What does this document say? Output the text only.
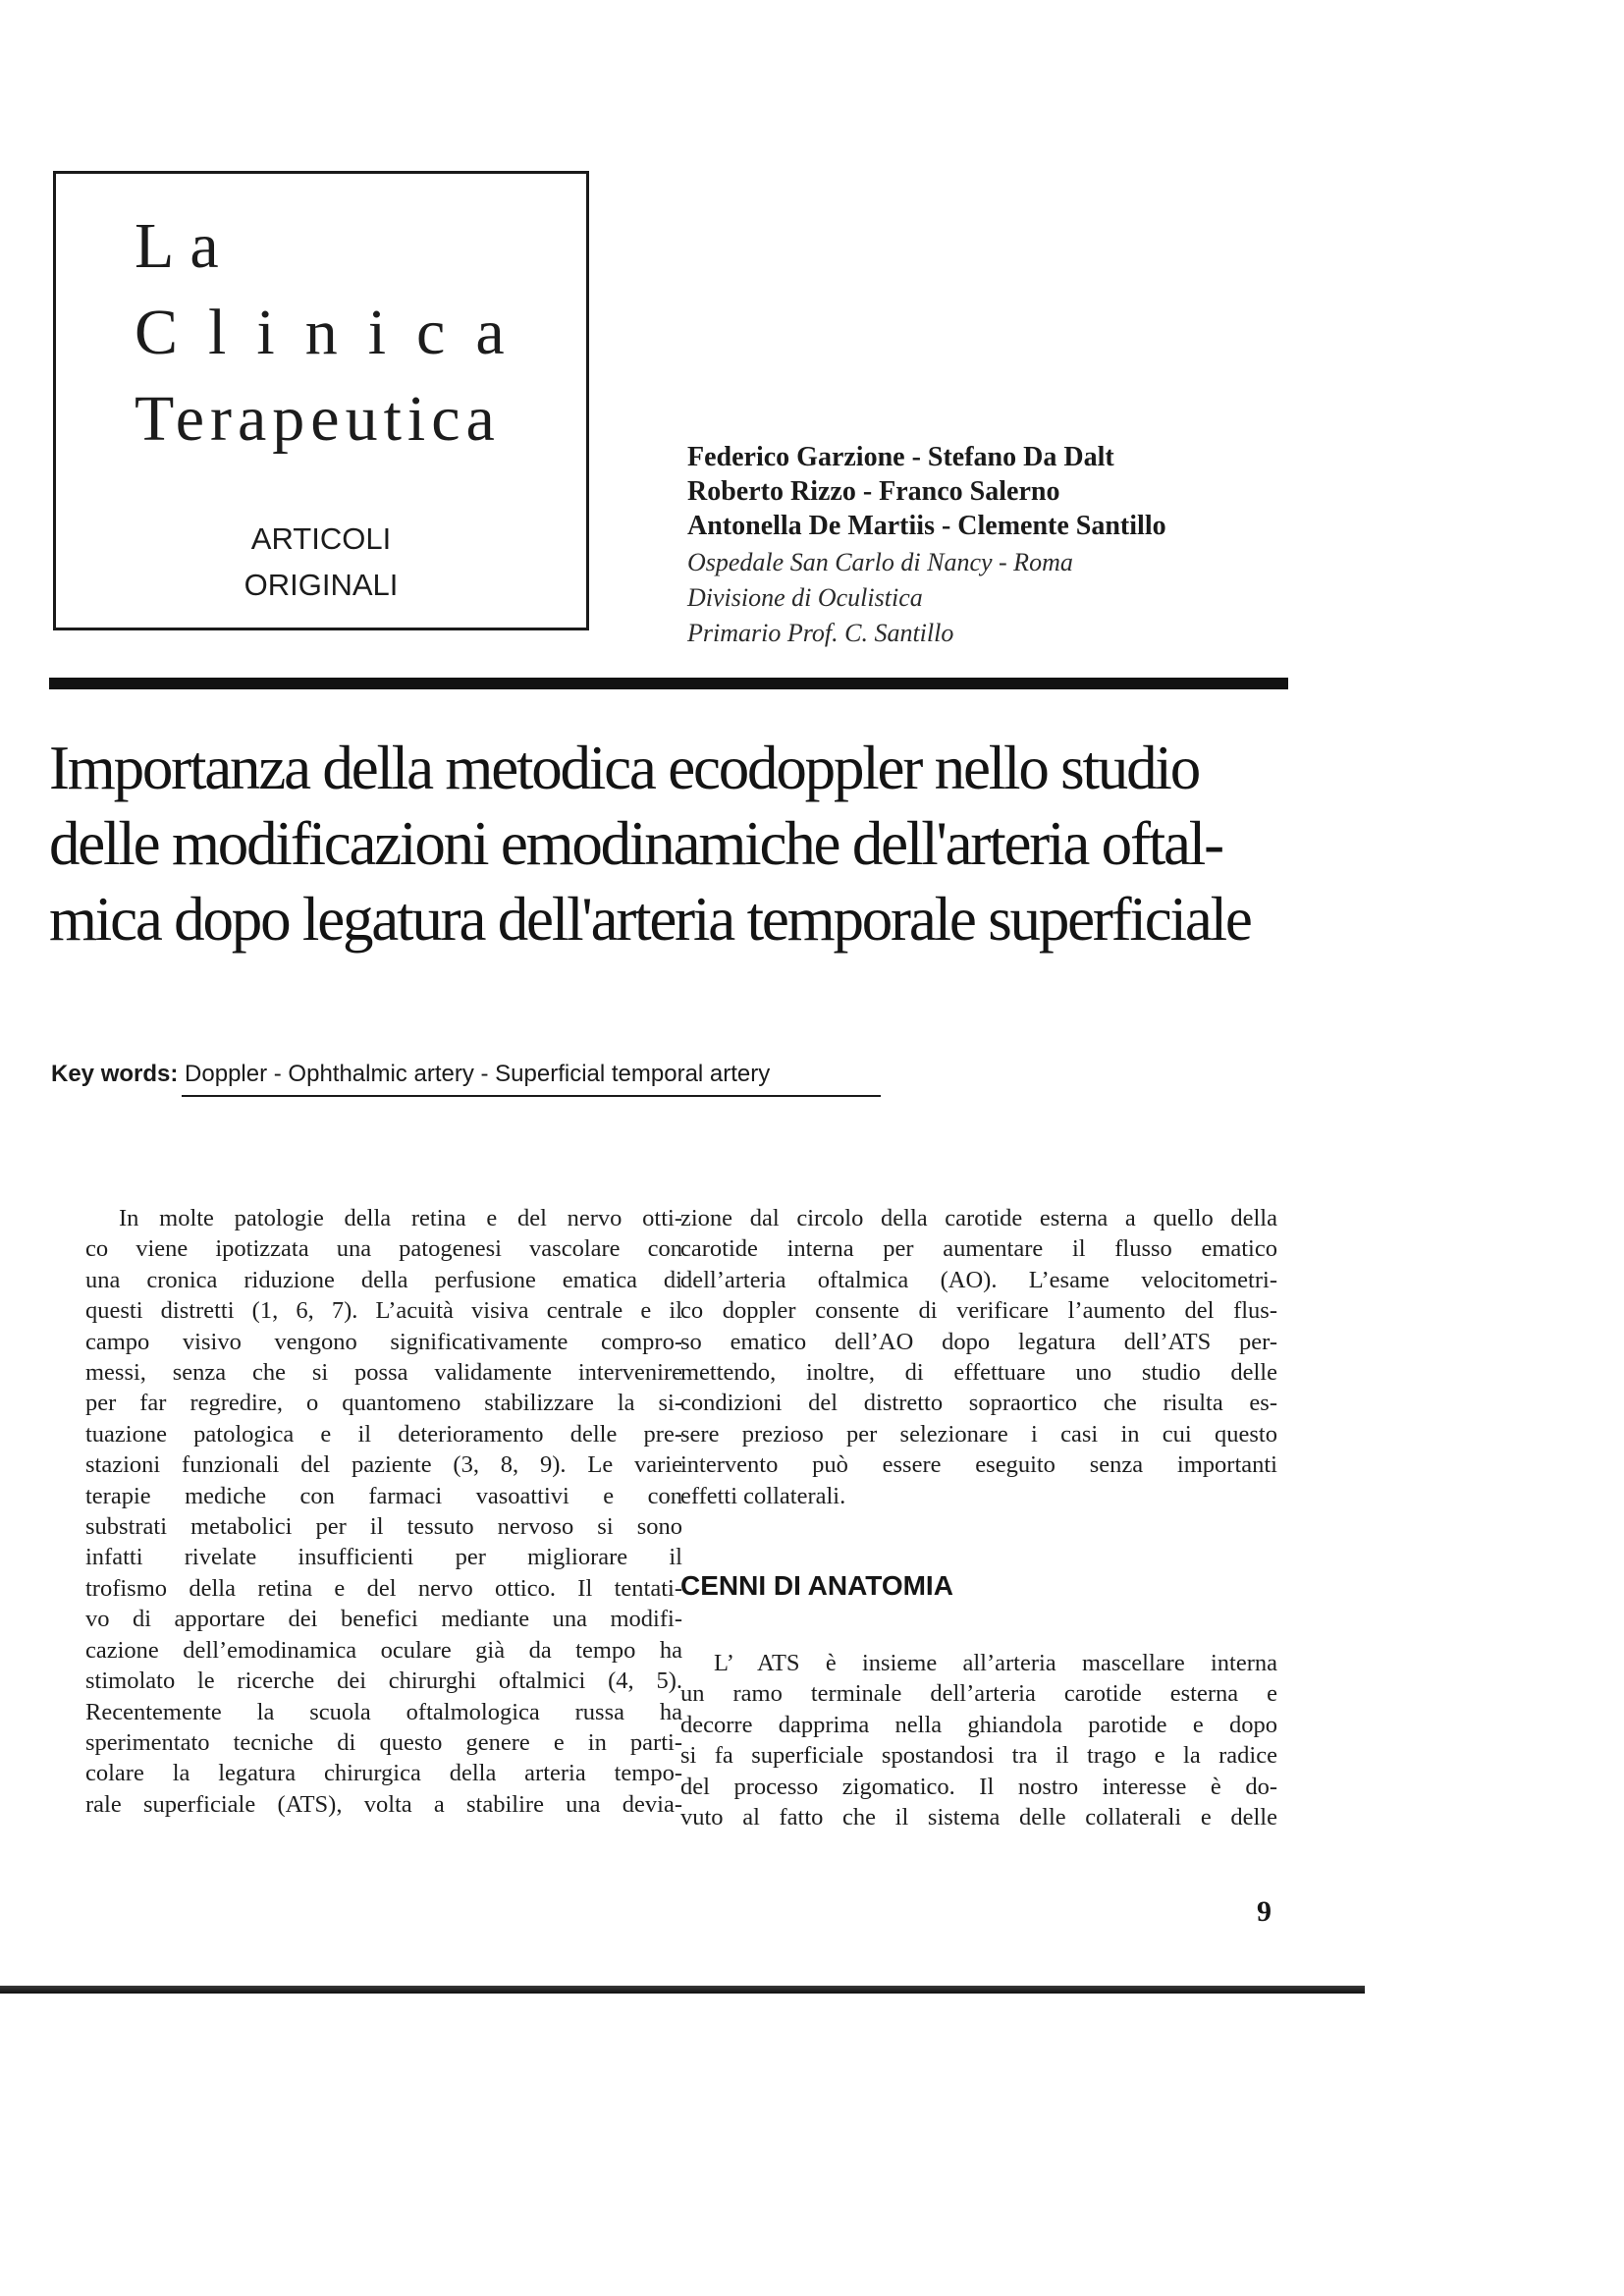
La
Clinica
Terapeutica
ARTICOLI
ORIGINALI
Federico Garzione - Stefano Da Dalt
Roberto Rizzo - Franco Salerno
Antonella De Martiis - Clemente Santillo
Ospedale San Carlo di Nancy - Roma
Divisione di Oculistica
Primario Prof. C. Santillo
Importanza della metodica ecodoppler nello studio
delle modificazioni emodinamiche dell'arteria oftal-
mica dopo legatura dell'arteria temporale superficiale
Key words: Doppler - Ophthalmic artery - Superficial temporal artery
In molte patologie della retina e del nervo otti-
co viene ipotizzata una patogenesi vascolare con
una cronica riduzione della perfusione ematica di
questi distretti (1, 6, 7). L’acuità visiva centrale e il
campo visivo vengono significativamente compro-
messi, senza che si possa validamente intervenire
per far regredire, o quantomeno stabilizzare la si-
tuazione patologica e il deterioramento delle pre-
stazioni funzionali del paziente (3, 8, 9). Le varie
terapie mediche con farmaci vasoattivi e con
substrati metabolici per il tessuto nervoso si sono
infatti rivelate insufficienti per migliorare il
trofismo della retina e del nervo ottico. Il tentati-
vo di apportare dei benefici mediante una modifi-
cazione dell’emodinamica oculare già da tempo ha
stimolato le ricerche dei chirurghi oftalmici (4, 5).
Recentemente la scuola oftalmologica russa ha
sperimentato tecniche di questo genere e in parti-
colare la legatura chirurgica della arteria tempo-
rale superficiale (ATS), volta a stabilire una devia-
zione dal circolo della carotide esterna a quello della
carotide interna per aumentare il flusso ematico
dell’arteria oftalmica (AO). L’esame velocitometri-
co doppler consente di verificare l’aumento del flus-
so ematico dell’AO dopo legatura dell’ATS per-
mettendo, inoltre, di effettuare uno studio delle
condizioni del distretto sopraortico che risulta es-
sere prezioso per selezionare i casi in cui questo
intervento può essere eseguito senza importanti
effetti collaterali.
CENNI DI ANATOMIA
L’ ATS è insieme all’arteria mascellare interna
un ramo terminale dell’arteria carotide esterna e
decorre dapprima nella ghiandola parotide e dopo
si fa superficiale spostandosi tra il trago e la radice
del processo zigomatico. Il nostro interesse è do-
vuto al fatto che il sistema delle collaterali e delle
9
